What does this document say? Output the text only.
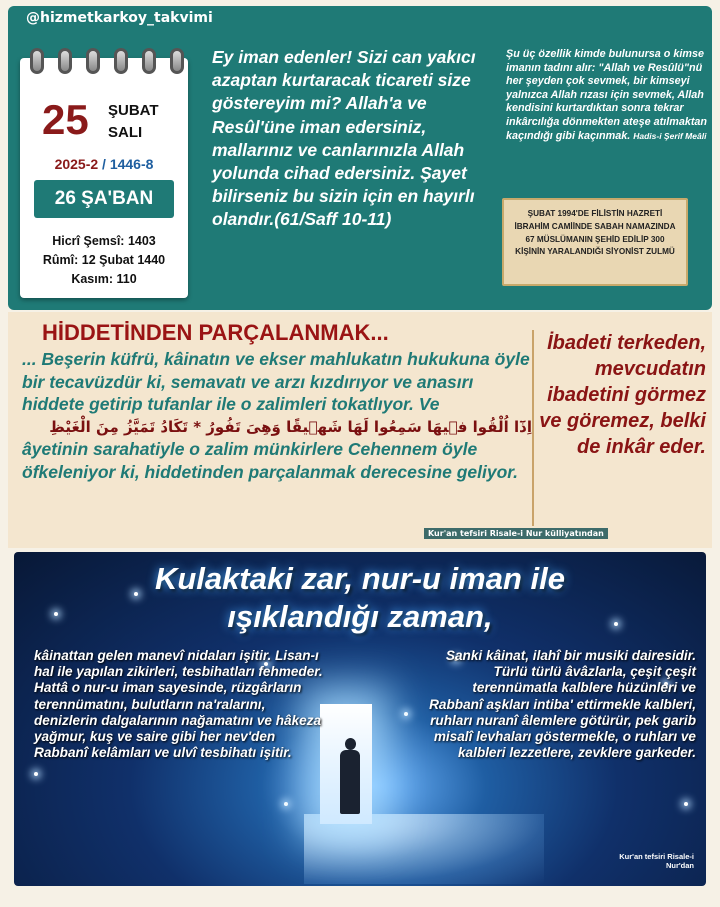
@hizmetkarkoy_takvimi
25 ŞUBAT
SALI
2025-2 / 1446-8
26 ŞA'BAN
Hicrî Şemsî: 1403
Rûmî: 12 Şubat 1440
Kasım: 110
Ey iman edenler! Sizi can yakıcı azaptan kurtaracak ticareti size göstereyim mi? Allah'a ve Resûl'üne iman edersiniz, mallarınız ve canlarınızla Allah yolunda cihad edersiniz. Şayet bilirseniz bu sizin için en hayırlı olandır.(61/Saff 10-11)
Şu üç özellik kimde bulunursa o kimse imanın tadını alır: "Allah ve Resûlü"nü her şeyden çok sevmek, bir kimseyi yalnızca Allah rızası için sevmek, Allah kendisini kurtardıktan sonra tekrar inkârcılığa dönmekten ateşe atılmaktan kaçındığı gibi kaçınmak. Hadis-i Şerif Meâli
ŞUBAT 1994'DE FİLİSTİN HAZRETİ İBRAHİM CAMİİNDE SABAH NAMAZINDA 67 MÜSLÜMANIN ŞEHİD EDİLİP 300 KİŞİNİN YARALANDIĞI SİYONİST ZULMÜ
HİDDETİNDEN PARÇALANMAK...
... Beşerin küfrü, kâinatın ve ekser mahlukatın hukukuna öyle bir tecavüzdür ki, semavatı ve arzı kızdırıyor ve anasırı hiddete getirip tufanlar ile o zalimleri tokatlıyor. Ve
اِذَٓا اُلْقُوا ف۪يهَا سَمِعُوا لَهَا شَه۪يقًا وَهِىَ تَفُورُ * تَكَادُ تَمَيَّزُ مِنَ الْغَيْظِ
âyetinin sarahatiyle o zalim münkirlere Cehennem öyle öfkeleniyor ki, hiddetinden parçalanmak derecesine geliyor.
Kur'an tefsiri Risale-i Nur külliyatından
İbadeti terkeden, mevcudatın ibadetini görmez ve göremez, belki de inkâr eder.
Kulaktaki zar, nur-u iman ile
ışıklandığı zaman,
kâinattan gelen manevî nidaları işitir. Lisan-ı hal ile yapılan zikirleri, tesbihatları fehmeder. Hattâ o nur-u iman sayesinde, rüzgârların terennümatını, bulutların na'ralarını, denizlerin dalgalarının nağamatını ve hâkeza yağmur, kuş ve saire gibi her nev'den Rabbanî kelâmları ve ulvî tesbihatı işitir.
Sanki kâinat, ilahî bir musiki dairesidir. Türlü türlü âvâzlarla, çeşit çeşit terennümatla kalblere hüzünleri ve Rabbanî aşkları intiba' ettirmekle kalbleri, ruhları nuranî âlemlere götürür, pek garib misalî levhaları göstermekle, o ruhları ve kalbleri lezzetlere, zevklere garkeder.
Kur'an tefsiri Risale-i Nur'dan
